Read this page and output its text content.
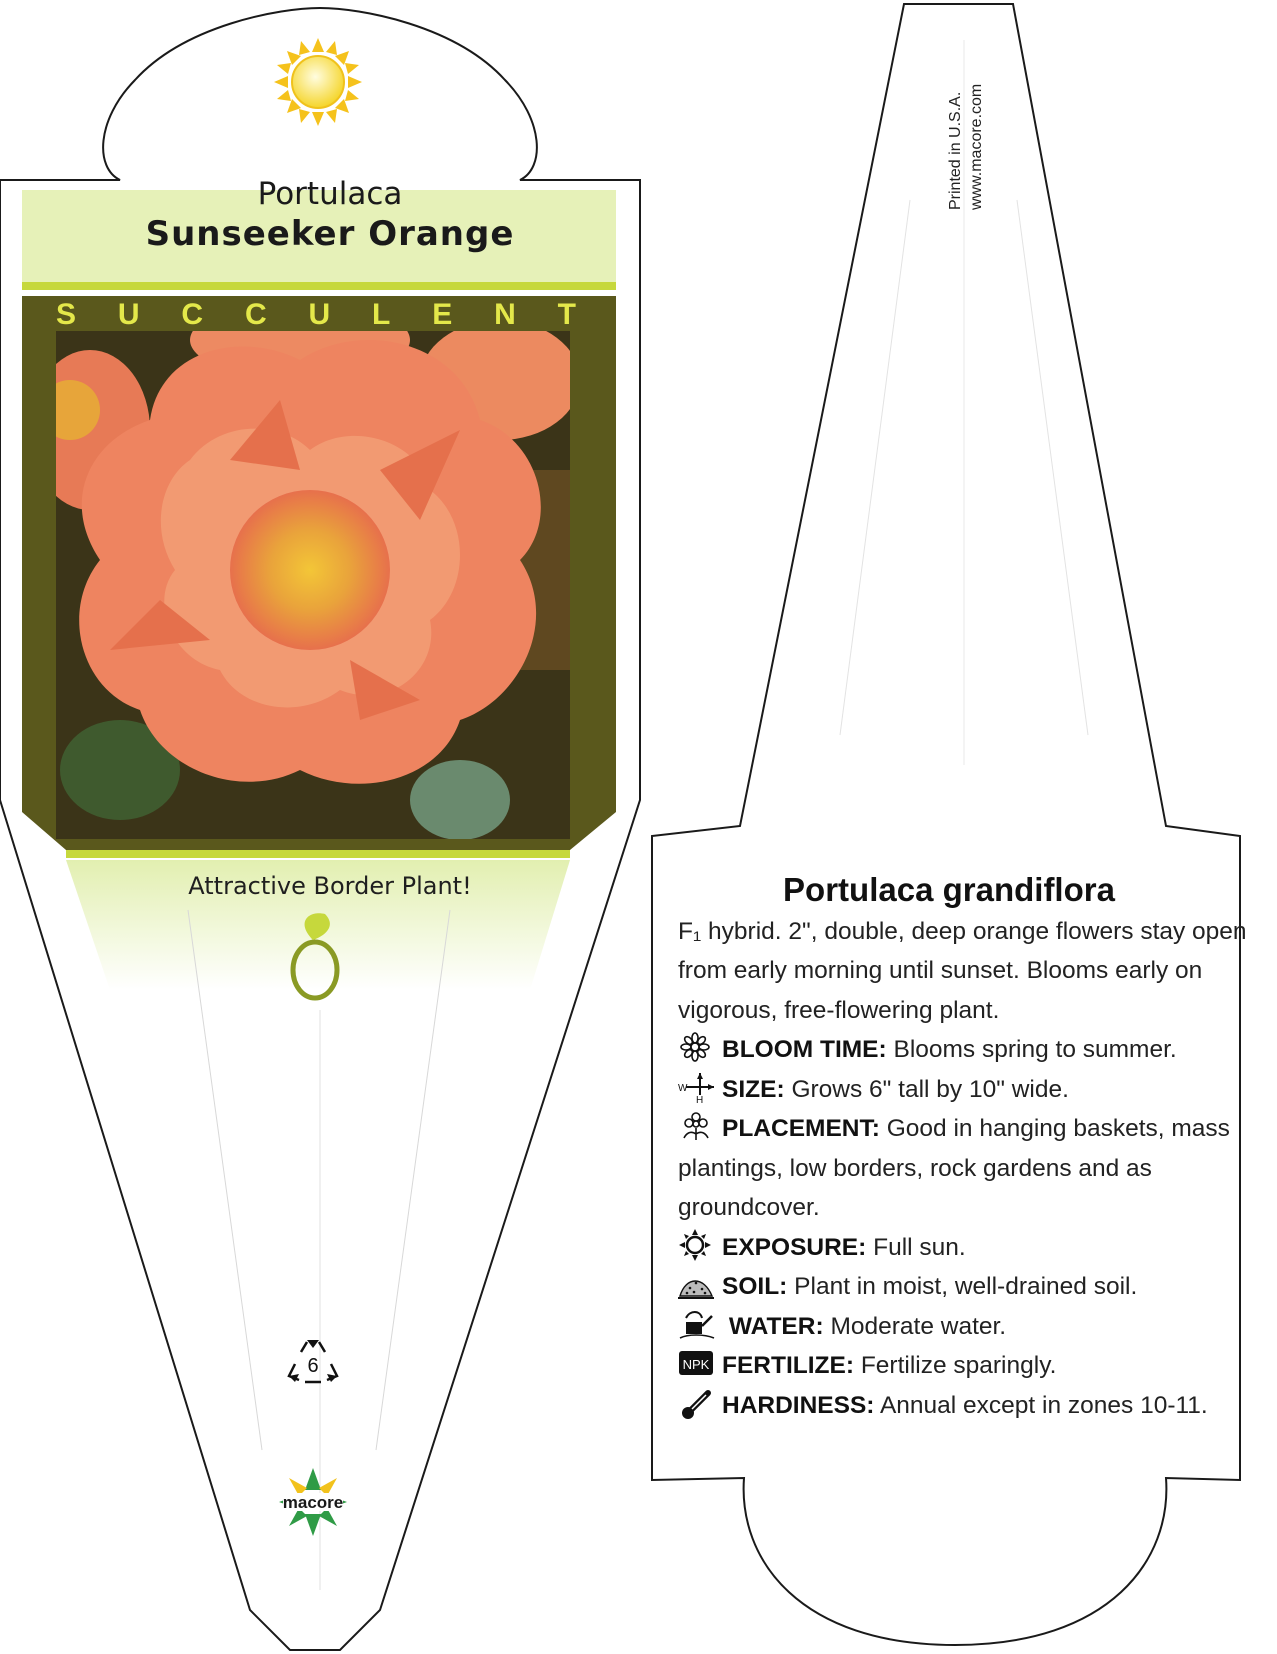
Portulaca
Sunseeker Orange
S U C C U L E N T
Attractive Border Plant!
6
macore
Printed in U.S.A. www.macore.com
Portulaca grandiflora
F₁ hybrid. 2", double, deep orange flowers stay open
from early morning until sunset. Blooms early on
vigorous, free-flowering plant.
BLOOM TIME: Blooms spring to summer.
W
H SIZE: Grows 6" tall by 10" wide.
PLACEMENT: Good in hanging baskets, mass
plantings, low borders, rock gardens and as
groundcover.
EXPOSURE: Full sun.
SOIL: Plant in moist, well-drained soil.
WATER: Moderate water.
NPK FERTILIZE: Fertilize sparingly.
HARDINESS: Annual except in zones 10-11.
